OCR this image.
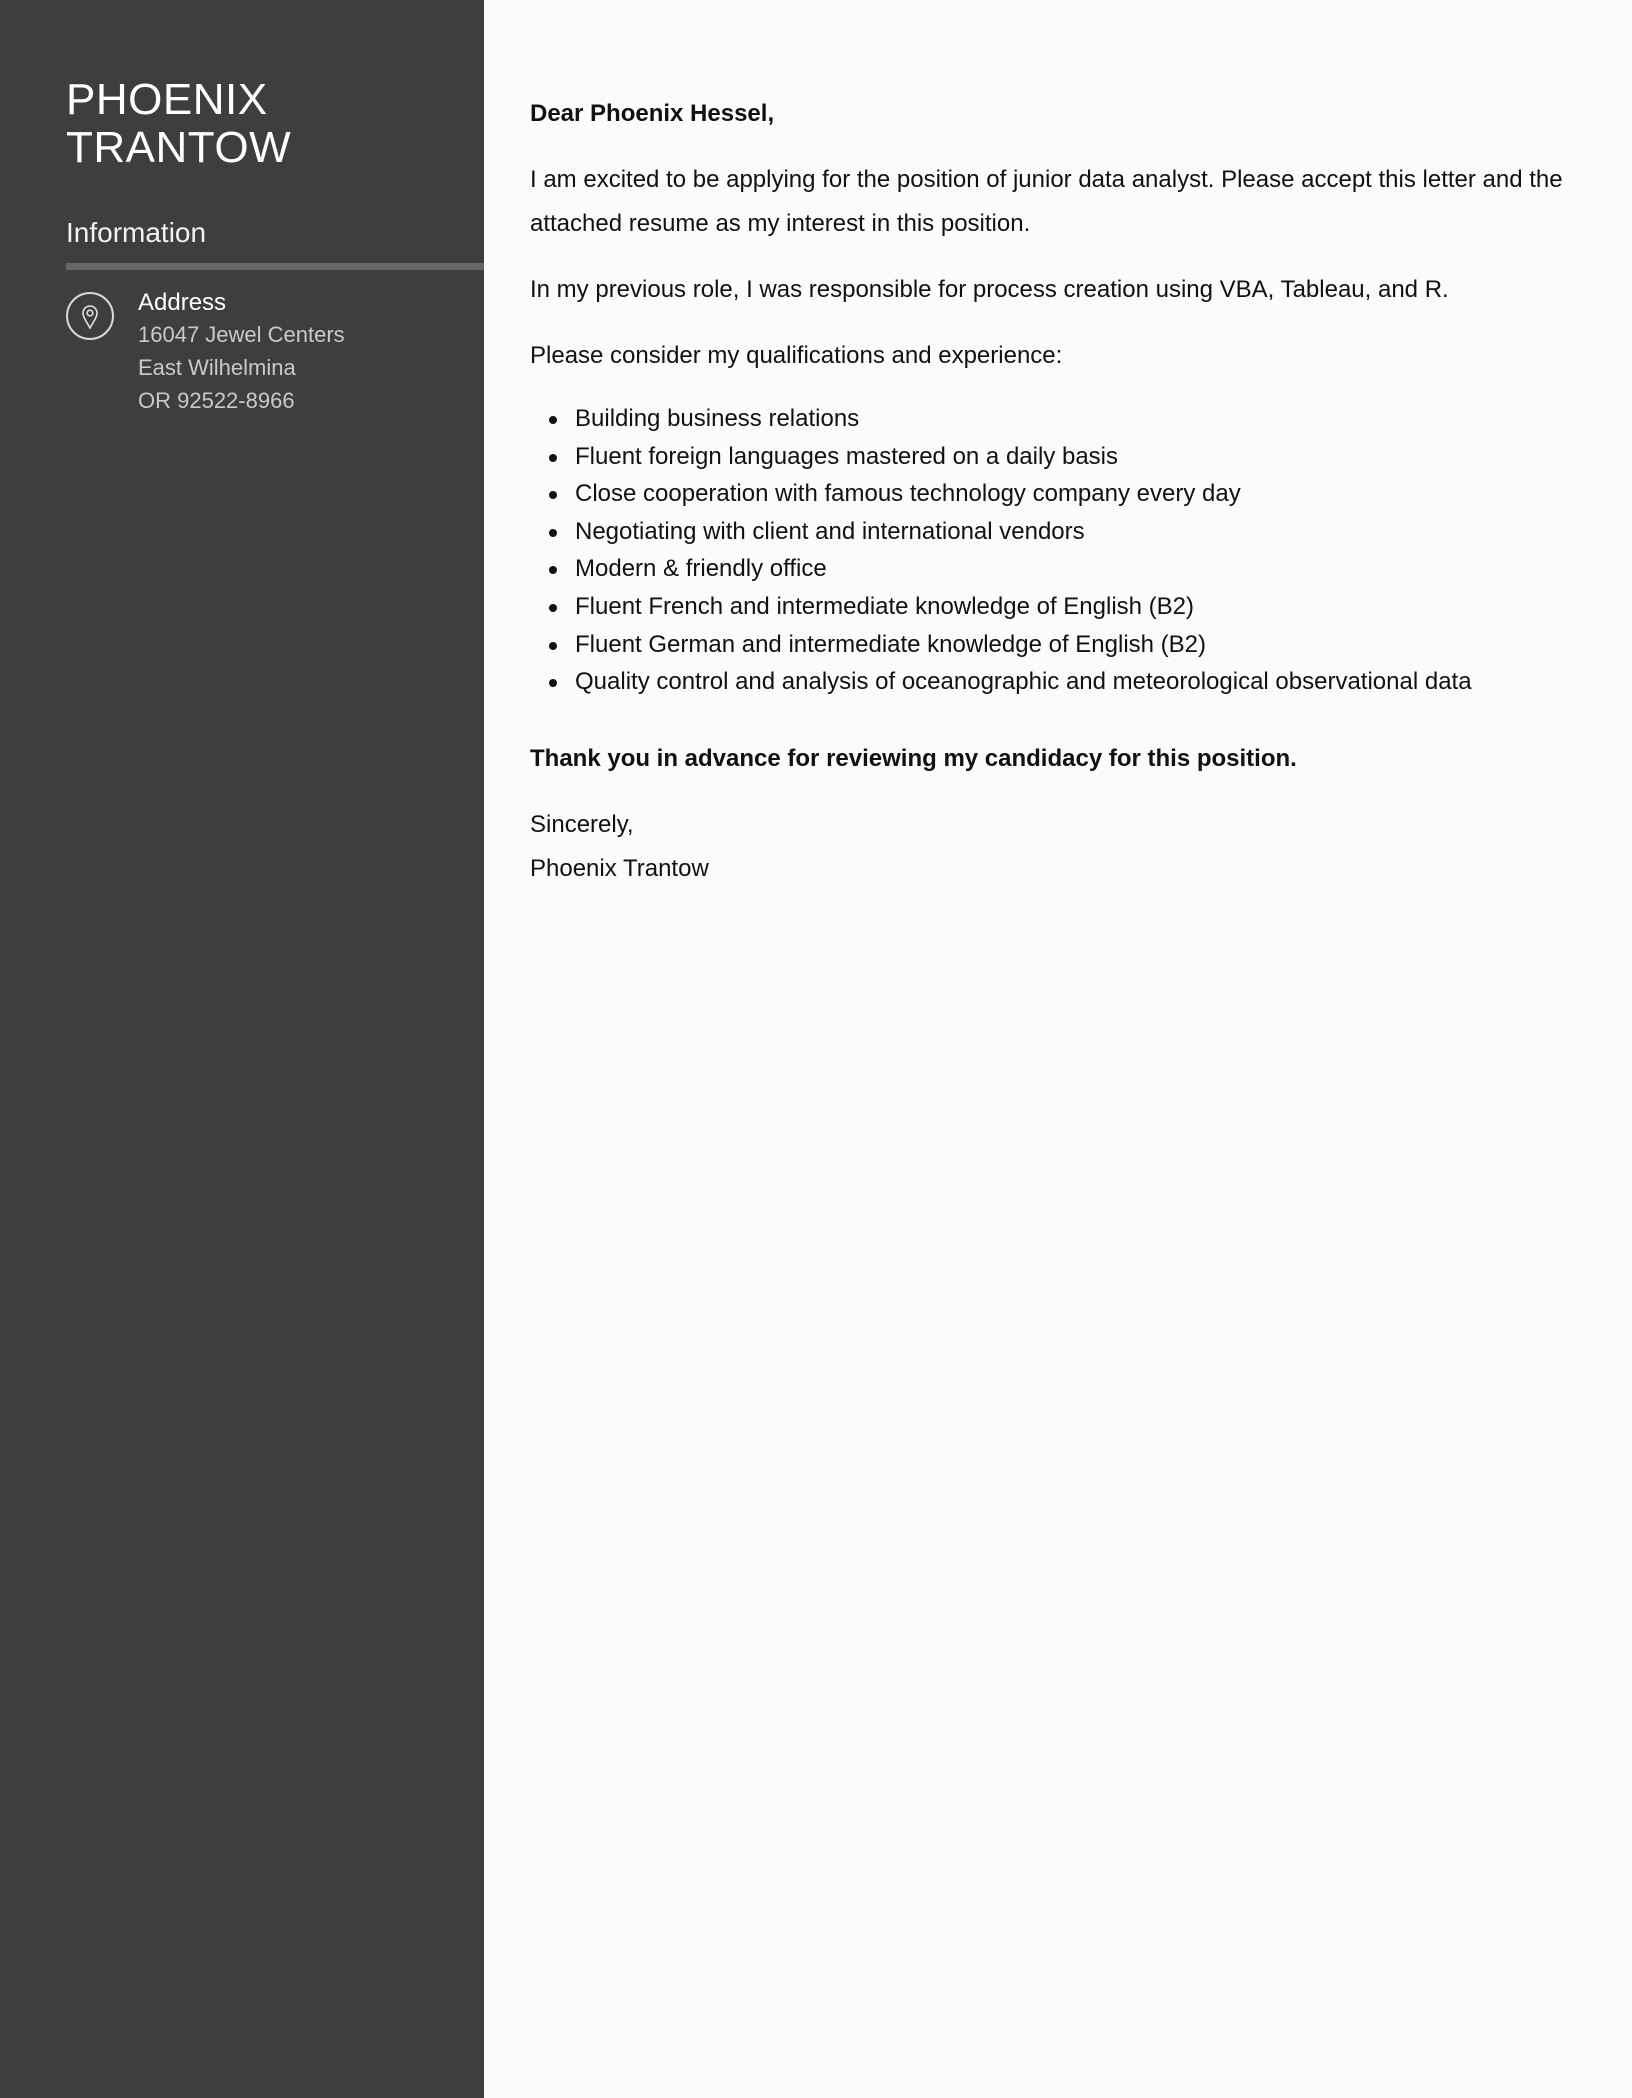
PHOENIX
TRANTOW
Information
Address
16047 Jewel Centers
East Wilhelmina
OR 92522-8966

Dear Phoenix Hessel,

I am excited to be applying for the position of junior data analyst. Please accept this letter and the attached resume as my interest in this position.

In my previous role, I was responsible for process creation using VBA, Tableau, and R.

Please consider my qualifications and experience:

Building business relations
Fluent foreign languages mastered on a daily basis
Close cooperation with famous technology company every day
Negotiating with client and international vendors
Modern & friendly office
Fluent French and intermediate knowledge of English (B2)
Fluent German and intermediate knowledge of English (B2)
Quality control and analysis of oceanographic and meteorological observational data

Thank you in advance for reviewing my candidacy for this position.

Sincerely,

Phoenix Trantow
